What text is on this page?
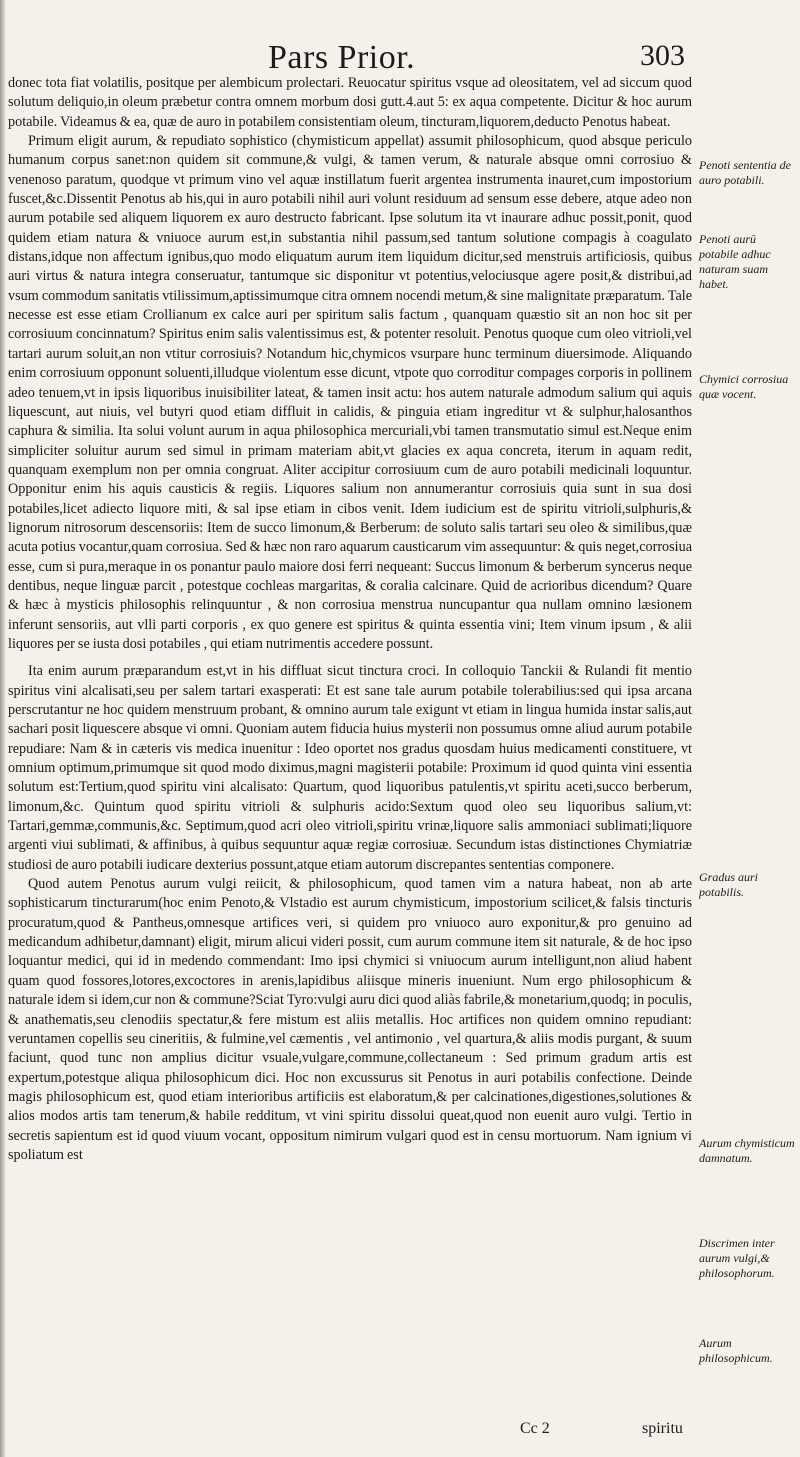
Pars Prior.	303

donec tota fiat volatilis, positque per alembicum prolectari. Reuocatur spiritus vsque ad oleositatem, vel ad siccum quod solutum deliquio,in oleum præbetur contra omnem morbum dosi gutt.4.aut 5: ex aqua competente. Dicitur & hoc aurum potabile. Videamus & ea, quæ de auro in potabilem consistentiam oleum, tincturam,liquorem,deducto Penotus habeat.

Primum eligit aurum, & repudiato sophistico (chymisticum appellat) assumit philosophicum, quod absque periculo humanum corpus sanet:non quidem sit commune,& vulgi, & tamen verum, & naturale absque omni corrosiuo & venenoso paratum, quodque vt primum vino vel aquæ instillatum fuerit argentea instrumenta inauret,cum impostorium fuscet,&c.Dissentit Penotus ab his,qui in auro potabili nihil auri volunt residuum ad sensum esse debere, atque adeo non aurum potabile sed aliquem liquorem ex auro destructo fabricant. Ipse solutum ita vt inaurare adhuc possit,ponit, quod quidem etiam natura & vniuoce aurum est,in substantia nihil passum,sed tantum solutione compagis à coagulato distans,idque non affectum ignibus,quo modo eliquatum aurum item liquidum dicitur,sed menstruis artificiosis, quibus auri virtus & natura integra conseruatur, tantumque sic disponitur vt potentius,velociusque agere posit,& distribui,ad vsum commodum sanitatis vtilissimum,aptissimumque citra omnem nocendi metum,& sine malignitate præparatum. Tale necesse est esse etiam Crollianum ex calce auri per spiritum salis factum , quanquam quæstio sit an non hoc sit per corrosiuum concinnatum? Spiritus enim salis valentissimus est, & potenter resoluit. Penotus quoque cum oleo vitrioli,vel tartari aurum soluit,an non vtitur corrosiuis? Notandum hic,chymicos vsurpare hunc terminum diuersimode. Aliquando enim corrosiuum opponunt soluenti,illudque violentum esse dicunt, vtpote quo corroditur compages corporis in pollinem adeo tenuem,vt in ipsis liquoribus inuisibiliter lateat, & tamen insit actu: hos autem naturale admodum salium qui aquis liquescunt, aut niuis, vel butyri quod etiam diffluit in calidis, & pinguia etiam ingreditur vt & sulphur,halosanthos caphura & similia. Ita solui volunt aurum in aqua philosophica mercuriali,vbi tamen transmutatio simul est.Neque enim simpliciter soluitur aurum sed simul in primam materiam abit,vt glacies ex aqua concreta, iterum in aquam redit, quanquam exemplum non per omnia congruat. Aliter accipitur corrosiuum cum de auro potabili medicinali loquuntur. Opponitur enim his aquis causticis & regiis. Liquores salium non annumerantur corrosiuis quia sunt in sua dosi potabiles,licet adiecto liquore miti, & sal ipse etiam in cibos venit. Idem iudicium est de spiritu vitrioli,sulphuris,& lignorum nitrosorum descensoriis: Item de succo limonum,& Berberum: de soluto salis tartari seu oleo & similibus,quæ acuta potius vocantur,quam corrosiua. Sed & hæc non raro aquarum causticarum vim assequuntur: & quis neget,corrosiua esse, cum si pura,meraque in os ponantur paulo maiore dosi ferri nequeant: Succus limonum & berberum syncerus neque dentibus, neque linguæ parcit , potestque cochleas margaritas, & coralia calcinare. Quid de acrioribus dicendum? Quare & hæc à mysticis philosophis relinquuntur , & non corrosiua menstrua nuncupantur qua nullam omnino læsionem inferunt sensoriis, aut vlli parti corporis , ex quo genere est spiritus & quinta essentia vini; Item vinum ipsum , & alii liquores per se iusta dosi potabiles , qui etiam nutrimentis accedere possunt.

Ita enim aurum præparandum est,vt in his diffluat sicut tinctura croci. In colloquio Tanckii & Rulandi fit mentio spiritus vini alcalisati,seu per salem tartari exasperati: Et est sane tale aurum potabile tolerabilius:sed qui ipsa arcana perscrutantur ne hoc quidem menstruum probant, & omnino aurum tale exigunt vt etiam in lingua humida instar salis,aut sachari posit liquescere absque vi omni. Quoniam autem fiducia huius mysterii non possumus omne aliud aurum potabile repudiare: Nam & in cæteris vis medica inuenitur : Ideo oportet nos gradus quosdam huius medicamenti constituere, vt omnium optimum,primumque sit quod modo diximus,magni magisterii potabile: Proximum id quod quinta vini essentia solutum est:Tertium,quod spiritu vini alcalisato: Quartum, quod liquoribus patulentis,vt spiritu aceti,succo berberum, limonum,&c. Quintum quod spiritu vitrioli & sulphuris acido:Sextum quod oleo seu liquoribus salium,vt: Tartari,gemmæ,communis,&c. Septimum,quod acri oleo vitrioli,spiritu vrinæ,liquore salis ammoniaci sublimati;liquore argenti viui sublimati, & affinibus, à quibus sequuntur aquæ regiæ corrosiuæ. Secundum istas distinctiones Chymiatriæ studiosi de auro potabili iudicare dexterius possunt,atque etiam autorum discrepantes sententias componere.

Quod autem Penotus aurum vulgi reiicit, & philosophicum, quod tamen vim a natura habeat, non ab arte sophisticarum tincturarum(hoc enim Penoto,& Vlstadio est aurum chymisticum, impostorium scilicet,& falsis tincturis procuratum,quod & Pantheus,omnesque artifices veri, si quidem pro vniuoco auro exponitur,& pro genuino ad medicandum adhibetur,damnant) eligit, mirum alicui videri possit, cum aurum commune item sit naturale, & de hoc ipso loquantur medici, qui id in medendo commendant: Imo ipsi chymici si vniuocum aurum intelligunt,non aliud habent quam quod fossores,lotores,excoctores in arenis,lapidibus aliisque mineris inueniunt. Num ergo philosophicum & naturale idem si idem,cur non & commune?Sciat Tyro:vulgi auru dici quod aliàs fabrile,& monetarium,quodq; in poculis, & anathematis,seu clenodiis spectatur,& fere mistum est aliis metallis. Hoc artifices non quidem omnino repudiant: veruntamen copellis seu cineritiis, & fulmine,vel cæmentis , vel antimonio , vel quartura,& aliis modis purgant, & suum faciunt, quod tunc non amplius dicitur vsuale,vulgare,commune,collectaneum : Sed primum gradum artis est expertum,potestque aliqua philosophicum dici. Hoc non excussurus sit Penotus in auri potabilis confectione. Deinde magis philosophicum est, quod etiam interioribus artificiis est elaboratum,& per calcinationes,digestiones,solutiones & alios modos artis tam tenerum,& habile redditum, vt vini spiritu dissolui queat,quod non euenit auro vulgi. Tertio in secretis sapientum est id quod viuum vocant, oppositum nimirum vulgari quod est in censu mortuorum. Nam ignium vi spoliatum est

Penoti sententia de auro potabili.
Penoti aurū potabile adhuc naturam suam habet.
Chymici corrosiua quæ vocent.
Gradus auri potabilis.
Aurum chymisticum damnatum.
Discrimen inter aurum vulgi,& philosophorum.
Aurum philosophicum.
Cc 2	spiritu
